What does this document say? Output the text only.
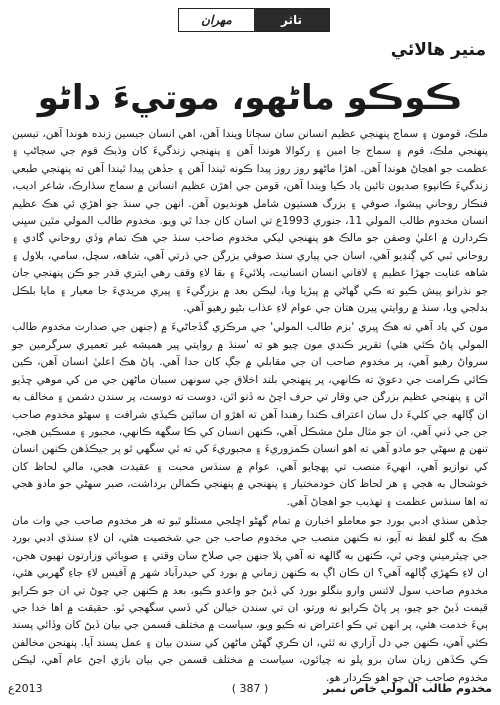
مهران	تاثر
منير هالائي
ڪوڪو ماڻهو، موتيءَ داڻو

ملڪ، قومون ۽ سماج پنهنجي عظيم انسانن سان سڄاتا ويندا آهن، اهي انسان جيسين زنده هوندا آهن، تيسين پنهنجي ملڪ، قوم ۽ سماج جا امين ۽ رکوالا هوندا آهن ۽ پنهنجي زندگيءَ کان وڌيڪ قوم جي سڄاڻپ ۽ عظمت جو اهڃاڻ هوندا آهن. اهڙا ماڻهو روز روز پيدا ڪونه ٿيندا آهن ۽ جڏهن پيدا ٿيندا آهن ته پنهنجي طبعي زندگيءَ ڪانپوءِ صديون تائين ياد ڪيا ويندا آهن، قومن جي اهڙن عظيم انسانن ۾ سماج سڌارڪ، شاعر اديب، فنڪار روحاني پيشوا، صوفي ۽ بزرگ هستيون شامل هونديون آهن. انهن جي سنڌ جو اهڙي ئي هڪ عظيم انسان مخدوم طالب المولي 11، جنوري 1993ع تي اسان کان جدا ٿي ويو. مخدوم طالب المولي مٿين سڀني ڪردارن ۾ اعليٰ وصفن جو مالڪ هو پنهنجي ليکي مخدوم صاحب سنڌ جي هڪ تمام وڏي روحاني گادي ۽ روحاني ٽبي کي ڳنڍيو آهي، اسان جي پياري سنڌ صوفي بزرگن جي ڌرتي آهي، شاهه، سچل، سامي، بلاول ۽ شاهه عنايت جهڙا عظيم ۽ لافاني انسان انسانيت، پلائيءَ ۽ بقا لاءِ وقف رهي ايتري قدر جو ڪن پنهنجي جان جو نذرانو پيش ڪيو ته ڪي گهاڻي ۾ پيڙيا ويا، ليڪن بعد ۾ بزرگيءَ ۽ پيري مريديءَ جا معيار ۽ مايا بلڪل بدلجي ويا، سنڌ ۾ روايتي پيرن هتان جي عوام لاءِ عذاب بڻيو رهيو آهي.

مون کي ياد آهي ته هڪ ڀيري 'بزم طالب المولي' جي مرڪزي گڏجاڻيءَ ۾ (جنهن جي صدارت مخدوم طالب المولي پاڻ ڪئي هئي) تقرير ڪندي مون چيو هو ته 'سنڌ ۾ روايتي پير هميشه غير تعميري سرگرمين جو سرواڻ رهيو آهي، پر مخدوم صاحب ان جي مقابلي ۾ جڳ کان جدا آهي. پاڻ هڪ اعليٰ انسان آهن، ڪين ڪائي ڪرامت جي دعويٰ ته ڪانهي، پر پنهنجي بلند اخلاق جي سونهن سببان ماڻهن جي من کي موهي ڇڏيو اٿن ۽ پنهنجي عظيم بزرگن جي وقار تي حرف اچڻ نه ڏنو اٿن، دوست ته دوست، پر سندن دشمن ۽ مخالف به ان ڳالهه جي کليءَ دل سان اعتراف ڪندا رهندا آهن ته اهڙو ان سائين ڪيڏي شرافت ۽ سهڻو مخدوم صاحب جن جي ڏني آهي، ان جو مثال ملڻ مشڪل آهي، ڪنهن انسان کي ڪا سگهه ڪانهي، مجبور ۽ مسڪين هجي، تنهن ۾ سهڻي جو مادو آهي ته اهو انسان ڪمزوريءَ ۽ مجبوريءَ کي ته ٿي سگهي ٿو پر جيڪڏهن ڪنهن انسان کي نوازيو آهي، انهيءَ منصب تي پهچايو آهي، عوام ۾ سنڌس محبت ۽ عقيدت هجي، مالي لحاظ کان خوشحال به هجي ۽ هر لحاظ کان خودمختيار ۽ پنهنجي ۾ پنهنجي ڪمالن برداشت، صبر سهڻي جو مادو هجي ته اها سنڌس عظمت ۽ تهذيب جو اهڃاڻ آهي.

جڏهن سنڌي ادبي بورڊ جو معاملو اخبارن ۾ تمام گهڻو اڇلجي مسئلو ٿيو ته هر مخدوم صاحب جي وات مان هڪ به گلو لفظ نه آيو، نه ڪنهن منصب جي مخدوم صاحب جن جي شخصيت هئي، ان لاءِ سنڌي ادبي بورڊ جي چيئرميني وڃي ٿي، ڪنهن به گالهه نه آهي پلا جنهن جي صلاح سان وقتي ۽ صوبائي وزارتون ٺهيون هجن، ان لاءِ ڪهڙي ڳالهه آهي؟ ان ڪان اڳ به ڪنهن زماني ۾ بورڊ کي حيدرآباد شهر ۾ آفيس لاءِ جاءِ گهربي هئي، مخدوم صاحب سول لائنس وارو بنگلو بورڊ کي ڏيڻ جو واعدو ڪيو، بعد ۾ ڪنهن جي چوڻ تي ان جو ڪرايو قيمت ڏيڻ جو چيو، پر پاڻ ڪرايو نه ورتو، ان تي سندن خيالن کي ڏسي سگهجي ٿو. حقيقت ۾ اها خدا جي ٻيءَ خدمت هئي، پر انهن تي ڪو اعتراض نه ڪيو ويو، سياست ۾ مختلف قسمن جي بيان ڏيڻ کان وڏائي پسند ڪئي آهي، ڪنهن جي دل آزاري نه ٿئي، ان ڪري گهڻن ماڻهن کي سندن بيان ۽ عمل پسند آيا. پنهنجن مخالفن ڪي ڪڏهن زبان سان برو پلو نه چيائون، سياست ۾ مختلف قسمن جي بيان بازي اڃڻ عام آهي، ليڪن مخدوم صاحب جن جو اهو ڪردار هو.

مخدوم طالب المولي خاص نمبر
( 387 )
2013ع
